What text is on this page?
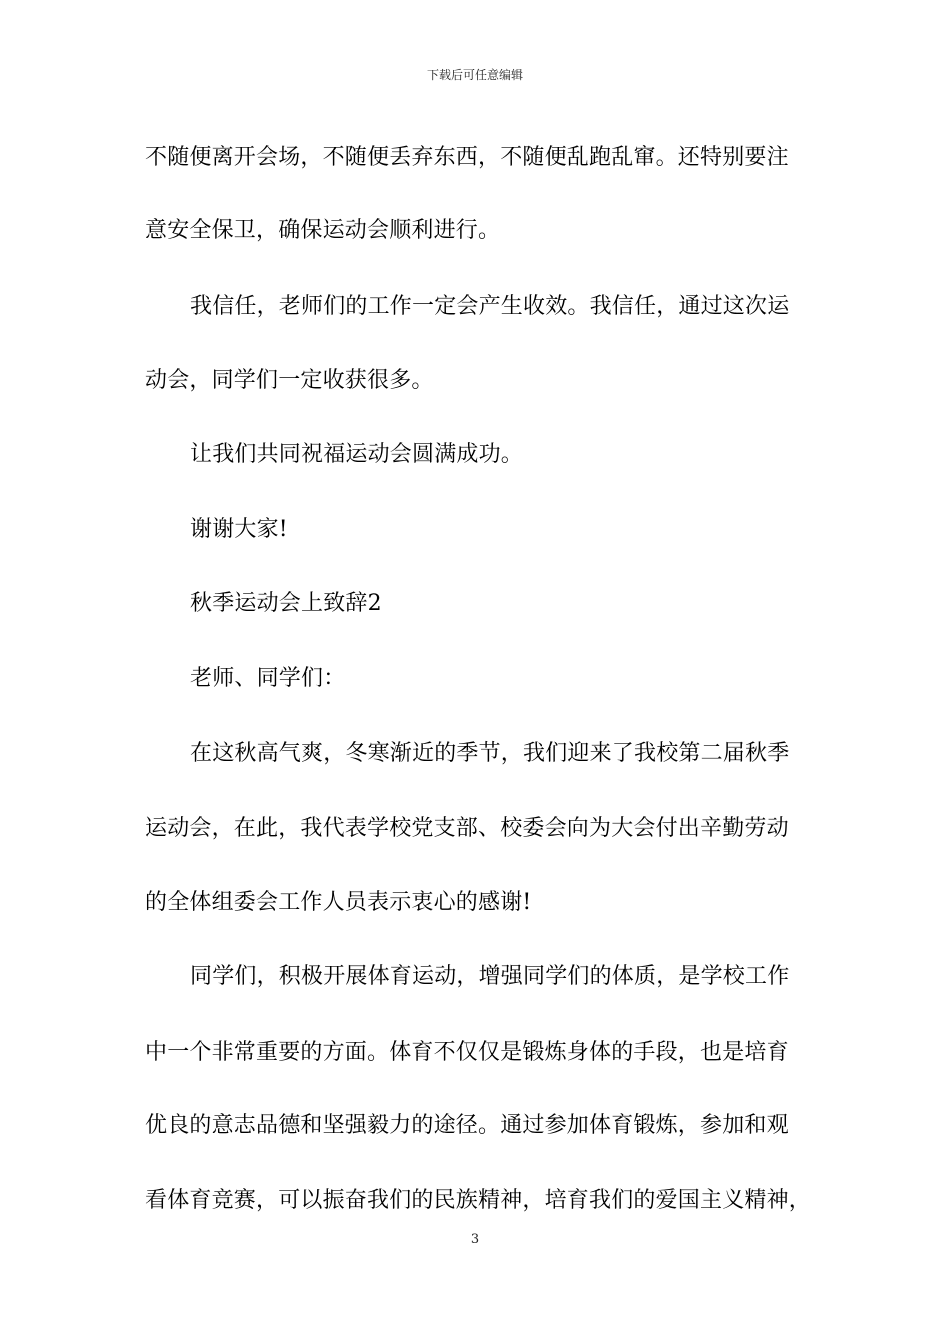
下载后可任意编辑
不随便离开会场，不随便丢弃东西，不随便乱跑乱窜。还特别要注
意安全保卫，确保运动会顺利进行。
我信任，老师们的工作一定会产生收效。我信任，通过这次运
动会，同学们一定收获很多。
让我们共同祝福运动会圆满成功。
谢谢大家!
秋季运动会上致辞2
老师、同学们：
在这秋高气爽，冬寒渐近的季节，我们迎来了我校第二届秋季
运动会，在此，我代表学校党支部、校委会向为大会付出辛勤劳动
的全体组委会工作人员表示衷心的感谢!
同学们，积极开展体育运动，增强同学们的体质，是学校工作
中一个非常重要的方面。体育不仅仅是锻炼身体的手段，也是培育
优良的意志品德和坚强毅力的途径。通过参加体育锻炼，参加和观
看体育竞赛，可以振奋我们的民族精神，培育我们的爱国主义精神，
3
